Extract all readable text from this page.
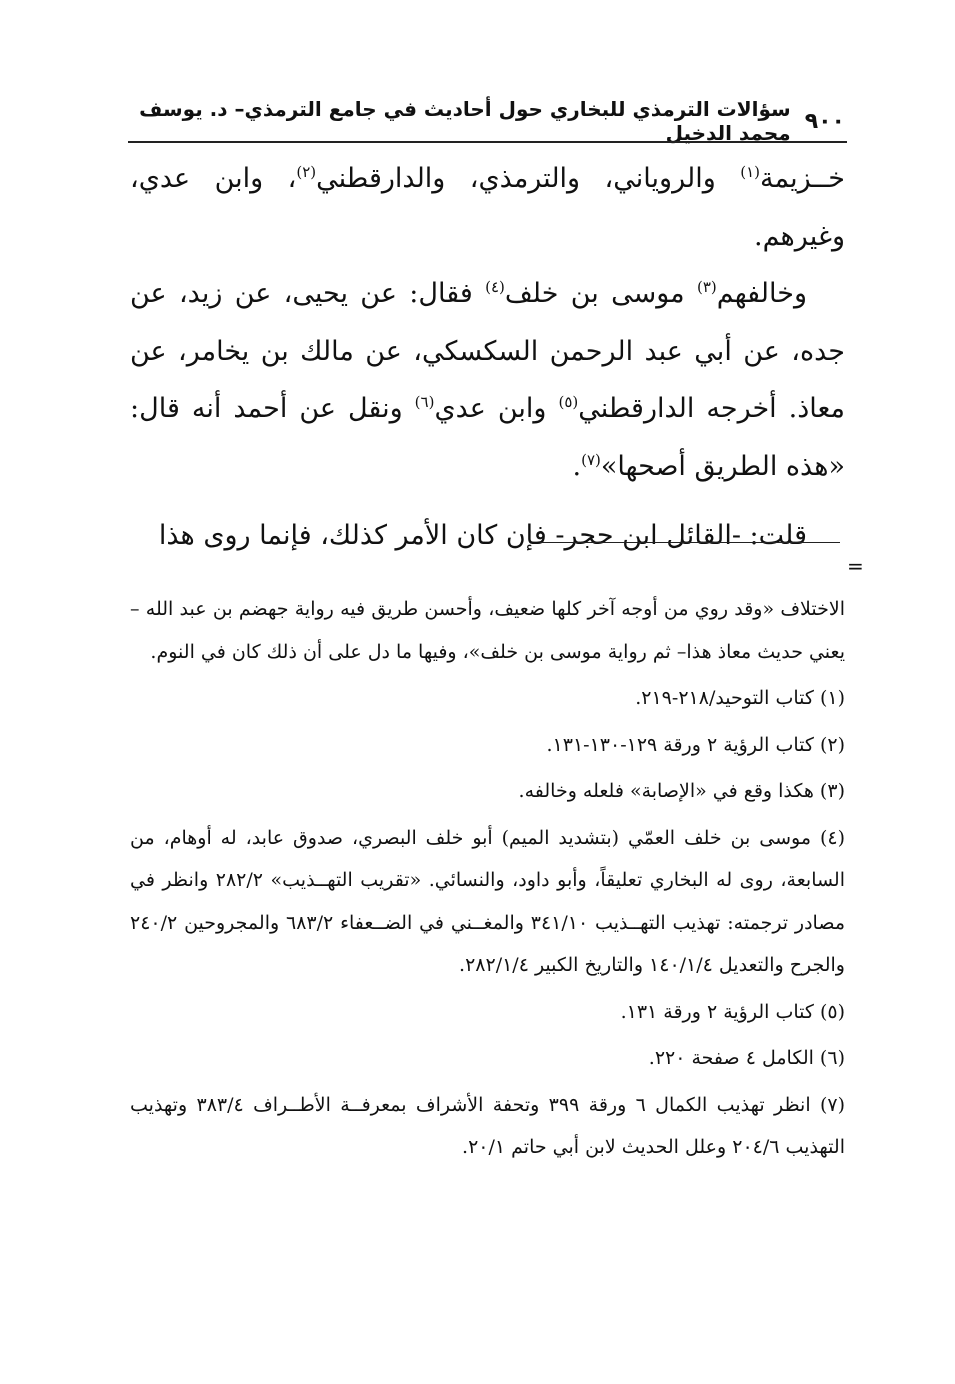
٩٠٠
سؤالات الترمذي للبخاري حول أحاديث في جامع الترمذي– د. يوسف محمد الدخيل

خــزيمة$^{(١)}$ والروياني، والترمذي، والدارقطني$^{(٢)}$، وابن عدي، وغيرهم.

وخالفهم$^{(٣)}$ موسى بن خلف$^{(٤)}$ فقال: عن يحيى، عن زيد، عن جده، عن أبي عبد الرحمن السكسكي، عن مالك بن يخامر، عن معاذ. أخرجه الدارقطني$^{(٥)}$ وابن عدي$^{(٦)}$ ونقل عن أحمد أنه قال: «هذه الطريق أصحها»$^{(٧)}$.

قلت: -القائل ابن حجر- فإن كان الأمر كذلك، فإنما روى هذا

=

الاختلاف «وقد روي من أوجه آخر كلها ضعيف، وأحسن طريق فيه رواية جهضم بن عبد الله –يعني حديث معاذ هذا– ثم رواية موسى بن خلف»، وفيها ما دل على أن ذلك كان في النوم.

(١) كتاب التوحيد/٢١٨-٢١٩.

(٢) كتاب الرؤية ٢ ورقة ١٢٩-١٣٠-١٣١.

(٣) هكذا وقع في «الإصابة» فلعله وخالفه.

(٤) موسى بن خلف العمّي (بتشديد الميم) أبو خلف البصري، صدوق عابد، له أوهام، من السابعة، روى له البخاري تعليقاً، وأبو داود، والنسائي. «تقريب التهــذيب» ٢٨٢/٢ وانظر في مصادر ترجمته: تهذيب التهــذيب ٣٤١/١٠ والمغــني في الضــعفاء ٦٨٣/٢ والمجروحين ٢٤٠/٢ والجرح والتعديل ١٤٠/١/٤ والتاريخ الكبير ٢٨٢/١/٤.

(٥) كتاب الرؤية ٢ ورقة ١٣١.

(٦) الكامل ٤ صفحة ٢٢٠.

(٧) انظر تهذيب الكمال ٦ ورقة ٣٩٩ وتحفة الأشراف بمعرفــة الأطــراف ٣٨٣/٤ وتهذيب التهذيب ٢٠٤/٦ وعلل الحديث لابن أبي حاتم ٢٠/١.
